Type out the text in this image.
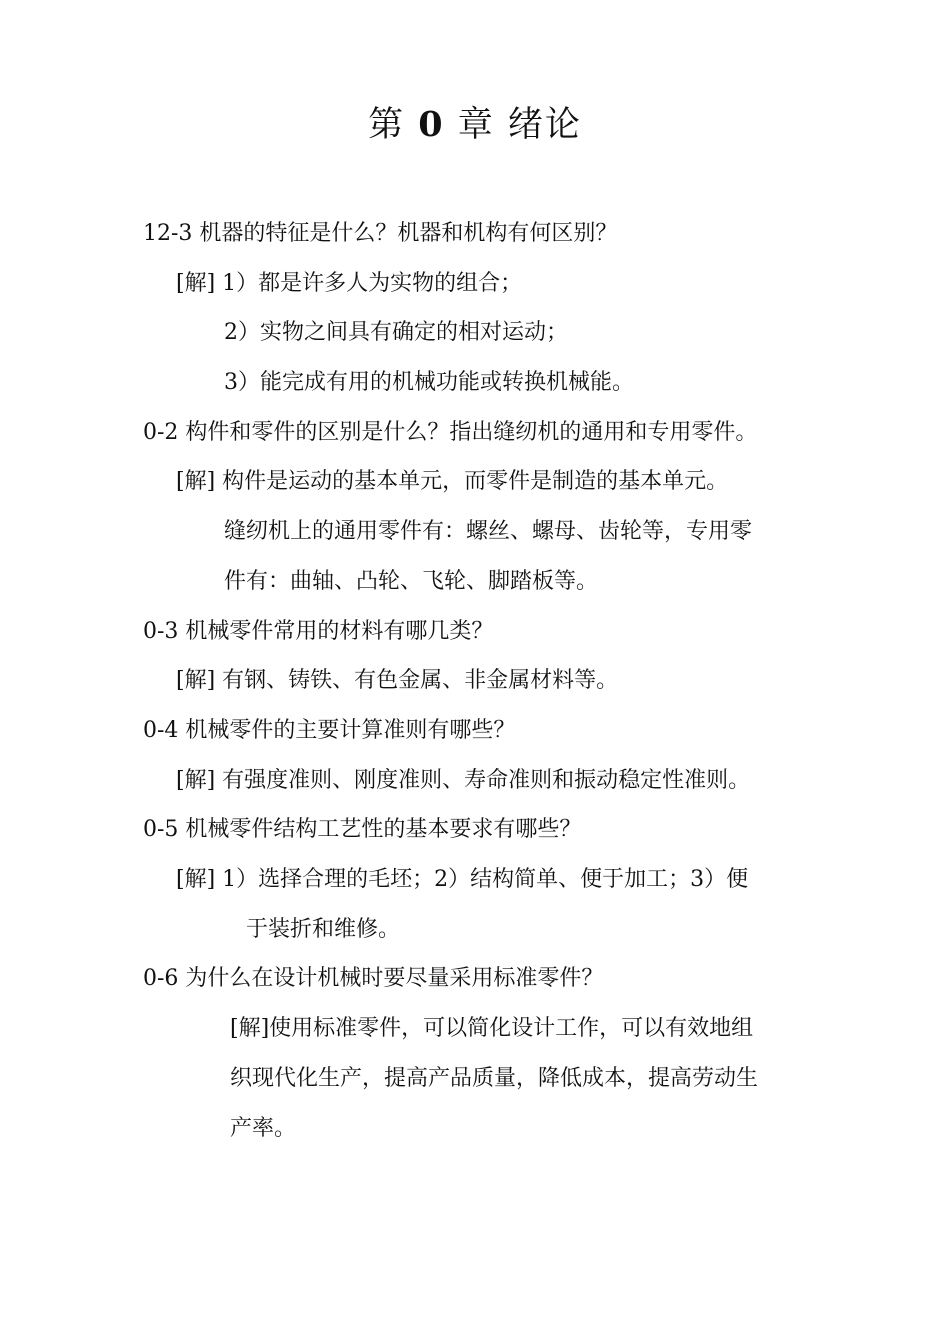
第 0 章 绪论
12-3 机器的特征是什么？机器和机构有何区别？
[解] 1）都是许多人为实物的组合；
2）实物之间具有确定的相对运动；
3）能完成有用的机械功能或转换机械能。
0-2 构件和零件的区别是什么？指出缝纫机的通用和专用零件。
[解] 构件是运动的基本单元，而零件是制造的基本单元。
缝纫机上的通用零件有：螺丝、螺母、齿轮等，专用零
件有：曲轴、凸轮、飞轮、脚踏板等。
0-3 机械零件常用的材料有哪几类？
[解] 有钢、铸铁、有色金属、非金属材料等。
0-4 机械零件的主要计算准则有哪些？
[解] 有强度准则、刚度准则、寿命准则和振动稳定性准则。
0-5 机械零件结构工艺性的基本要求有哪些？
[解] 1）选择合理的毛坯；2）结构简单、便于加工；3）便
于装折和维修。
0-6 为什么在设计机械时要尽量采用标准零件？
[解]使用标准零件，可以简化设计工作，可以有效地组
织现代化生产，提高产品质量，降低成本，提高劳动生
产率。
